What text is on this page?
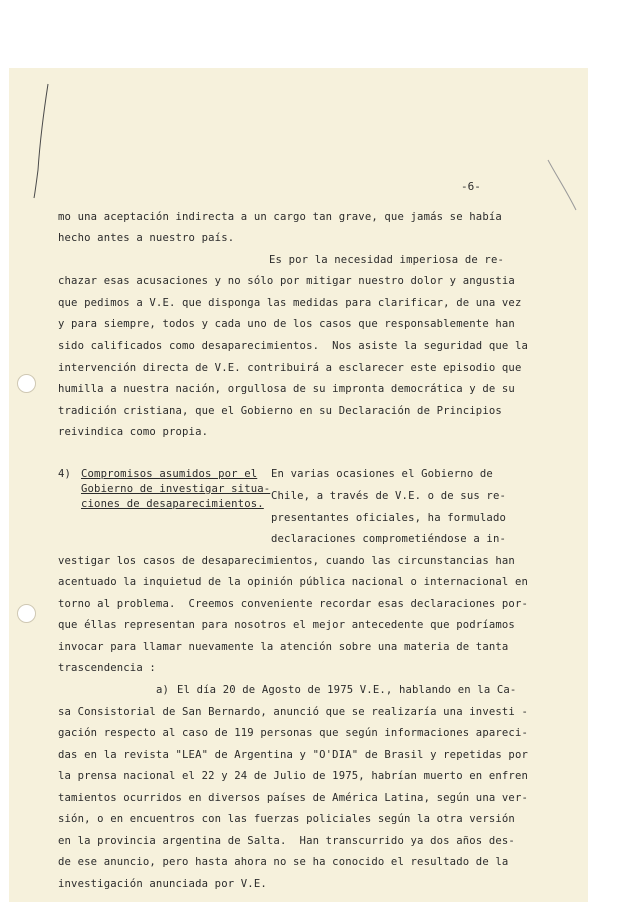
-6-
mo una aceptación indirecta a un cargo tan grave, que jamás se había
hecho antes a nuestro país.
Es por la necesidad imperiosa de re-
chazar esas acusaciones y no sólo por mitigar nuestro dolor y angustia
que pedimos a V.E. que disponga las medidas para clarificar, de una vez
y para siempre, todos y cada uno de los casos que responsablemente han
sido calificados como desaparecimientos.  Nos asiste la seguridad que la
intervención directa de V.E. contribuirá a esclarecer este episodio que
humilla a nuestra nación, orgullosa de su impronta democrática y de su
tradición cristiana, que el Gobierno en su Declaración de Principios
reivindica como propia.
4) Compromisos asumidos por el
Gobierno de investigar situa-
ciones de desaparecimientos.
En varias ocasiones el Gobierno de
Chile, a través de V.E. o de sus re-
presentantes oficiales, ha formulado
declaraciones comprometiéndose a in-
vestigar los casos de desaparecimientos, cuando las circunstancias han
acentuado la inquietud de la opinión pública nacional o internacional en
torno al problema.  Creemos conveniente recordar esas declaraciones por-
que éllas representan para nosotros el mejor antecedente que podríamos
invocar para llamar nuevamente la atención sobre una materia de tanta
trascendencia :
a) El día 20 de Agosto de 1975 V.E., hablando en la Ca-
sa Consistorial de San Bernardo, anunció que se realizaría una investi -
gación respecto al caso de 119 personas que según informaciones apareci-
das en la revista "LEA" de Argentina y "O'DIA" de Brasil y repetidas por
la prensa nacional el 22 y 24 de Julio de 1975, habrían muerto en enfren
tamientos ocurridos en diversos países de América Latina, según una ver-
sión, o en encuentros con las fuerzas policiales según la otra versión
en la provincia argentina de Salta.  Han transcurrido ya dos años des-
de ese anuncio, pero hasta ahora no se ha conocido el resultado de la
investigación anunciada por V.E.
